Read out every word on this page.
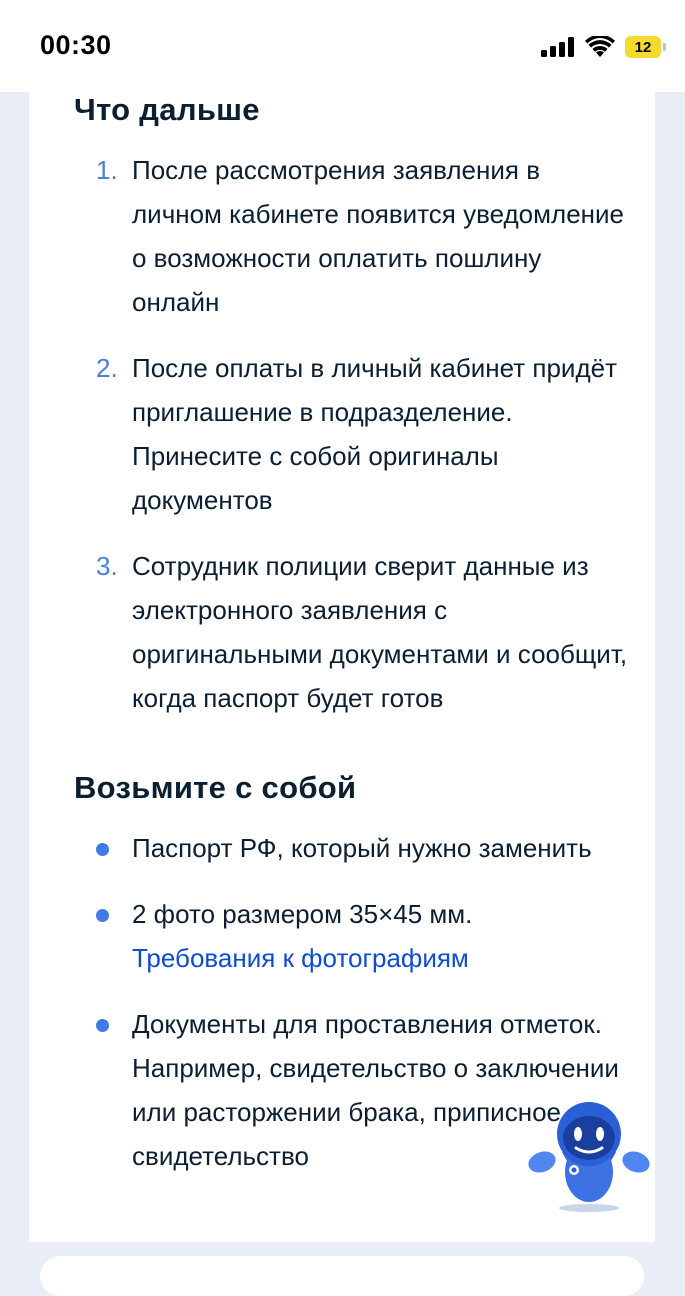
00:30	12
Что дальше
1. После рассмотрения заявления в личном кабинете появится уведомление о возможности оплатить пошлину онлайн
2. После оплаты в личный кабинет придёт приглашение в подразделение. Принесите с собой оригиналы документов
3. Сотрудник полиции сверит данные из электронного заявления с оригинальными документами и сообщит, когда паспорт будет готов
Возьмите с собой
Паспорт РФ, который нужно заменить
2 фото размером 35×45 мм.
Требования к фотографиям
Документы для проставления отметок. Например, свидетельство о заключении или расторжении брака, приписное свидетельство
